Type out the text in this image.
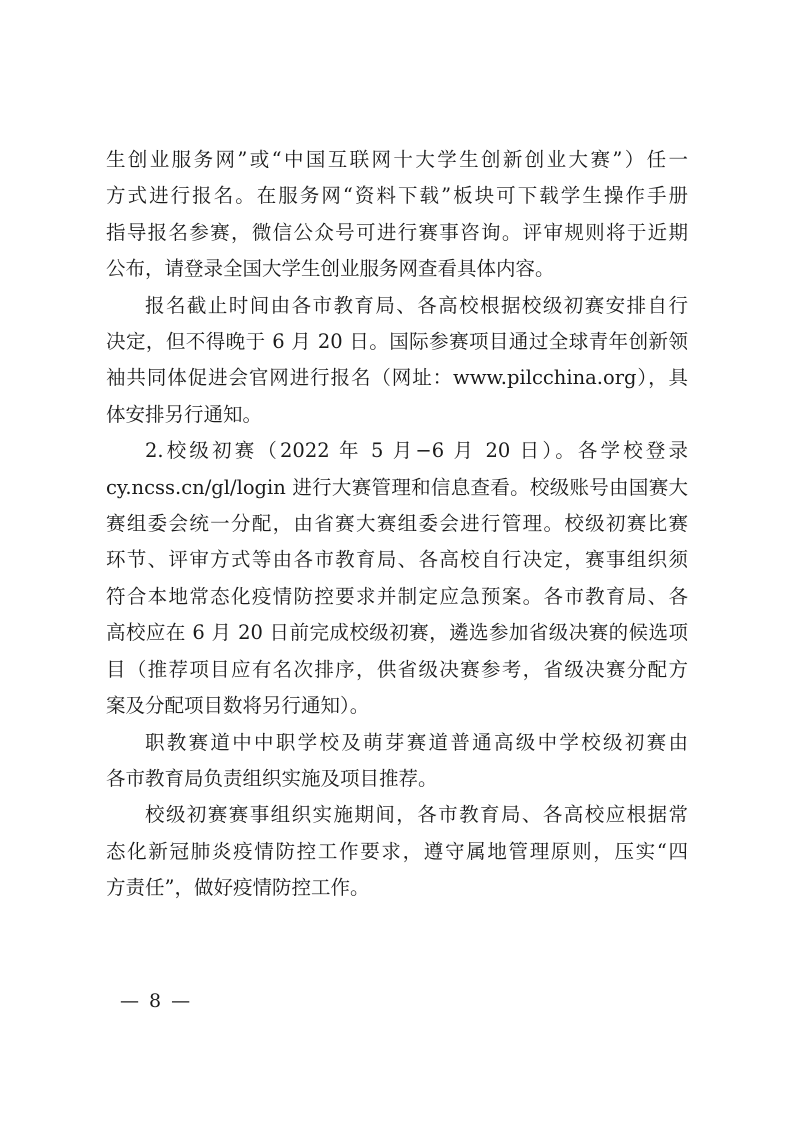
生创业服务网”或“中国互联网十大学生创新创业大赛”）任一
方式进行报名。在服务网“资料下载”板块可下载学生操作手册
指导报名参赛，微信公众号可进行赛事咨询。评审规则将于近期
公布，请登录全国大学生创业服务网查看具体内容。
报名截止时间由各市教育局、各高校根据校级初赛安排自行
决定，但不得晚于 6 月 20 日。国际参赛项目通过全球青年创新领
袖共同体促进会官网进行报名（网址：www.pilcchina.org），具
体安排另行通知。
2.校级初赛（2022 年 5 月−6 月 20 日）。各学校登录
cy.ncss.cn/gl/login 进行大赛管理和信息查看。校级账号由国赛大
赛组委会统一分配，由省赛大赛组委会进行管理。校级初赛比赛
环节、评审方式等由各市教育局、各高校自行决定，赛事组织须
符合本地常态化疫情防控要求并制定应急预案。各市教育局、各
高校应在 6 月 20 日前完成校级初赛，遴选参加省级决赛的候选项
目（推荐项目应有名次排序，供省级决赛参考，省级决赛分配方
案及分配项目数将另行通知）。
职教赛道中中职学校及萌芽赛道普通高级中学校级初赛由
各市教育局负责组织实施及项目推荐。
校级初赛赛事组织实施期间，各市教育局、各高校应根据常
态化新冠肺炎疫情防控工作要求，遵守属地管理原则，压实“四
方责任”，做好疫情防控工作。
— 8 —
